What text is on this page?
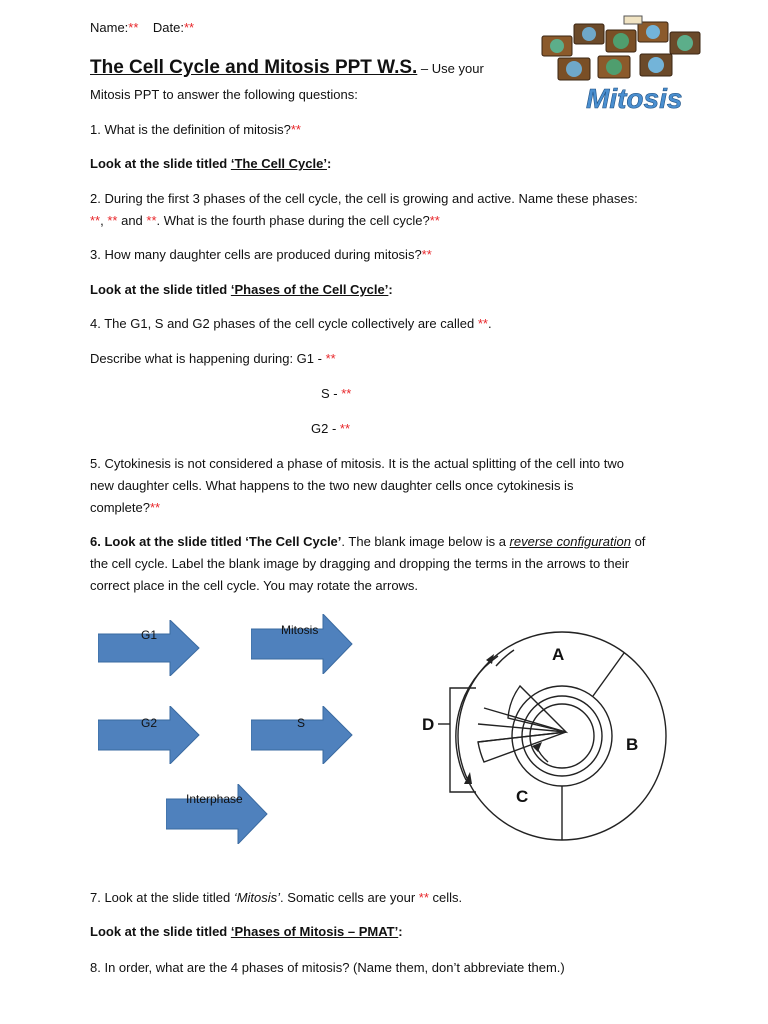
Name:** Date:**
The Cell Cycle and Mitosis PPT W.S. – Use your
Mitosis PPT to answer the following questions:	Mitosis
1. What is the definition of mitosis?**
Look at the slide titled ‘The Cell Cycle’:
2. During the first 3 phases of the cell cycle, the cell is growing and active. Name these phases:
**, ** and **. What is the fourth phase during the cell cycle?**
3. How many daughter cells are produced during mitosis?**
Look at the slide titled ‘Phases of the Cell Cycle’:
4. The G1, S and G2 phases of the cell cycle collectively are called **.
Describe what is happening during: G1 - **
S - **
G2 - **
5. Cytokinesis is not considered a phase of mitosis. It is the actual splitting of the cell into two
new daughter cells. What happens to the two new daughter cells once cytokinesis is
complete?**
6. Look at the slide titled ‘The Cell Cycle’. The blank image below is a reverse configuration of
the cell cycle. Label the blank image by dragging and dropping the terms in the arrows to their
correct place in the cell cycle. You may rotate the arrows.
G1	Mitosis
G2	S
Interphase
A
B
C
D
7. Look at the slide titled ‘Mitosis’. Somatic cells are your ** cells.
Look at the slide titled ‘Phases of Mitosis – PMAT’:
8. In order, what are the 4 phases of mitosis? (Name them, don’t abbreviate them.)
